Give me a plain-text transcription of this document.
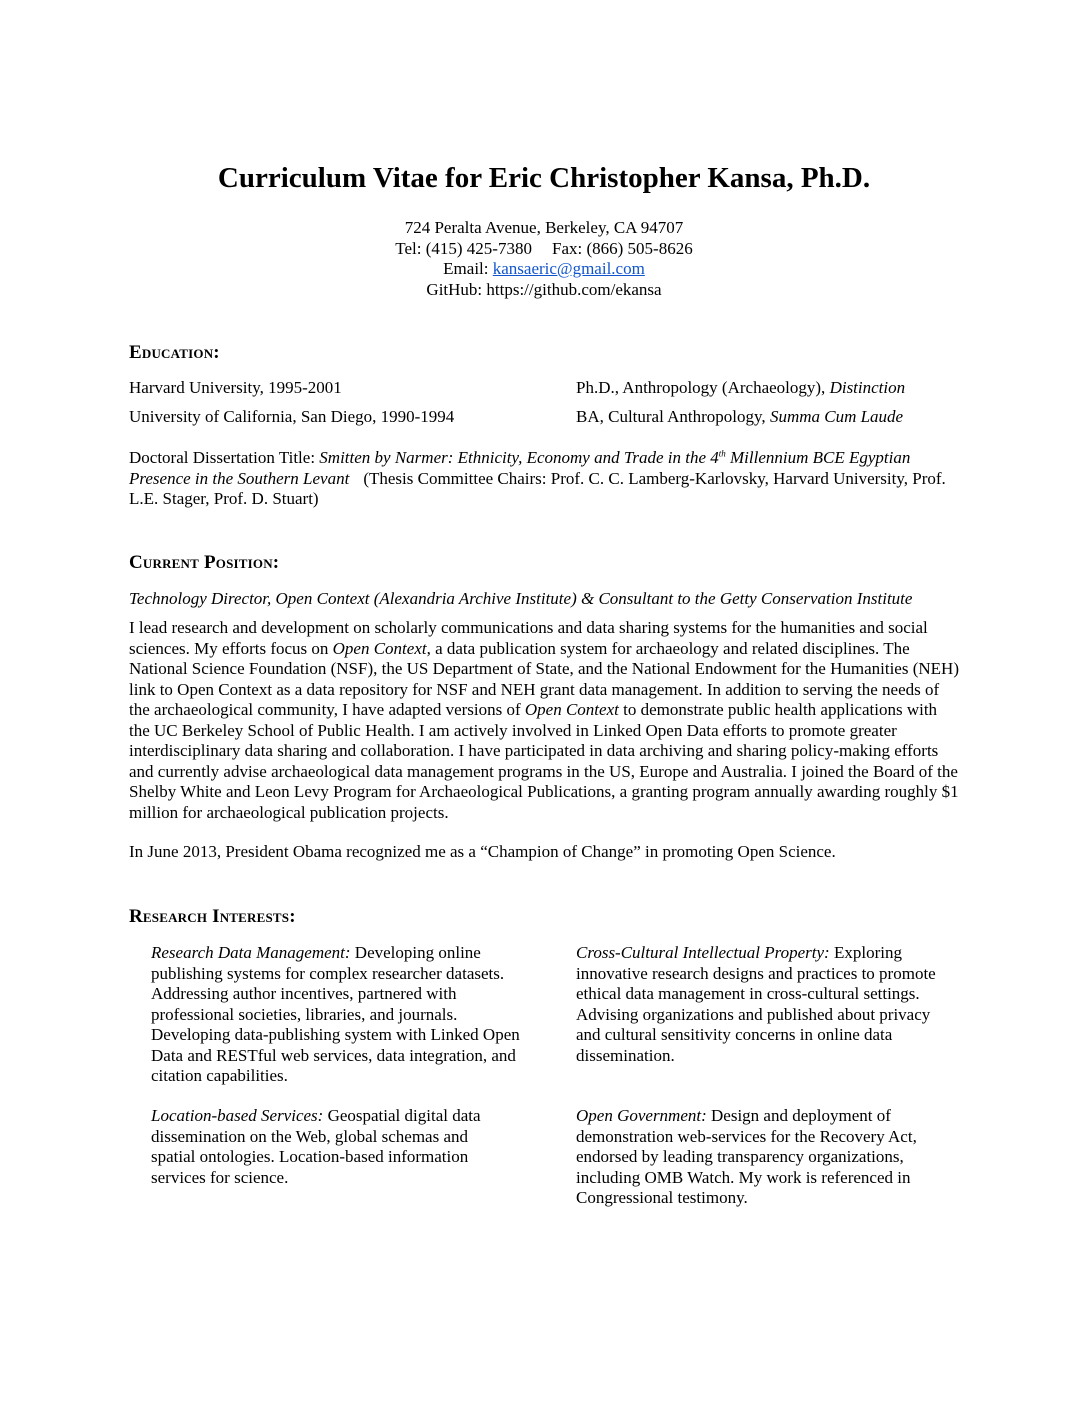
Curriculum Vitae for Eric Christopher Kansa, Ph.D.
724 Peralta Avenue, Berkeley, CA 94707
Tel: (415) 425-7380 Fax: (866) 505-8626
Email: kansaeric@gmail.com
GitHub: https://github.com/ekansa
Education:
Harvard University, 1995-2001	Ph.D., Anthropology (Archaeology), Distinction
University of California, San Diego, 1990-1994	BA, Cultural Anthropology, Summa Cum Laude

Doctoral Dissertation Title: Smitten by Narmer: Ethnicity, Economy and Trade in the 4th Millennium BCE Egyptian Presence in the Southern Levant (Thesis Committee Chairs: Prof. C. C. Lamberg-Karlovsky, Harvard University, Prof. L.E. Stager, Prof. D. Stuart)

Current Position:

Technology Director, Open Context (Alexandria Archive Institute) & Consultant to the Getty Conservation Institute

I lead research and development on scholarly communications and data sharing systems for the humanities and social sciences. My efforts focus on Open Context, a data publication system for archaeology and related disciplines. The National Science Foundation (NSF), the US Department of State, and the National Endowment for the Humanities (NEH) link to Open Context as a data repository for NSF and NEH grant data management. In addition to serving the needs of the archaeological community, I have adapted versions of Open Context to demonstrate public health applications with the UC Berkeley School of Public Health. I am actively involved in Linked Open Data efforts to promote greater interdisciplinary data sharing and collaboration. I have participated in data archiving and sharing policy-making efforts and currently advise archaeological data management programs in the US, Europe and Australia. I joined the Board of the Shelby White and Leon Levy Program for Archaeological Publications, a granting program annually awarding roughly $1 million for archaeological publication projects.

In June 2013, President Obama recognized me as a “Champion of Change” in promoting Open Science.

Research Interests:

Research Data Management: Developing online publishing systems for complex researcher datasets. Addressing author incentives, partnered with professional societies, libraries, and journals. Developing data-publishing system with Linked Open Data and RESTful web services, data integration, and citation capabilities.

Cross-Cultural Intellectual Property: Exploring innovative research designs and practices to promote ethical data management in cross-cultural settings. Advising organizations and published about privacy and cultural sensitivity concerns in online data dissemination.

Location-based Services: Geospatial digital data dissemination on the Web, global schemas and spatial ontologies. Location-based information services for science.

Open Government: Design and deployment of demonstration web-services for the Recovery Act, endorsed by leading transparency organizations, including OMB Watch. My work is referenced in Congressional testimony.
